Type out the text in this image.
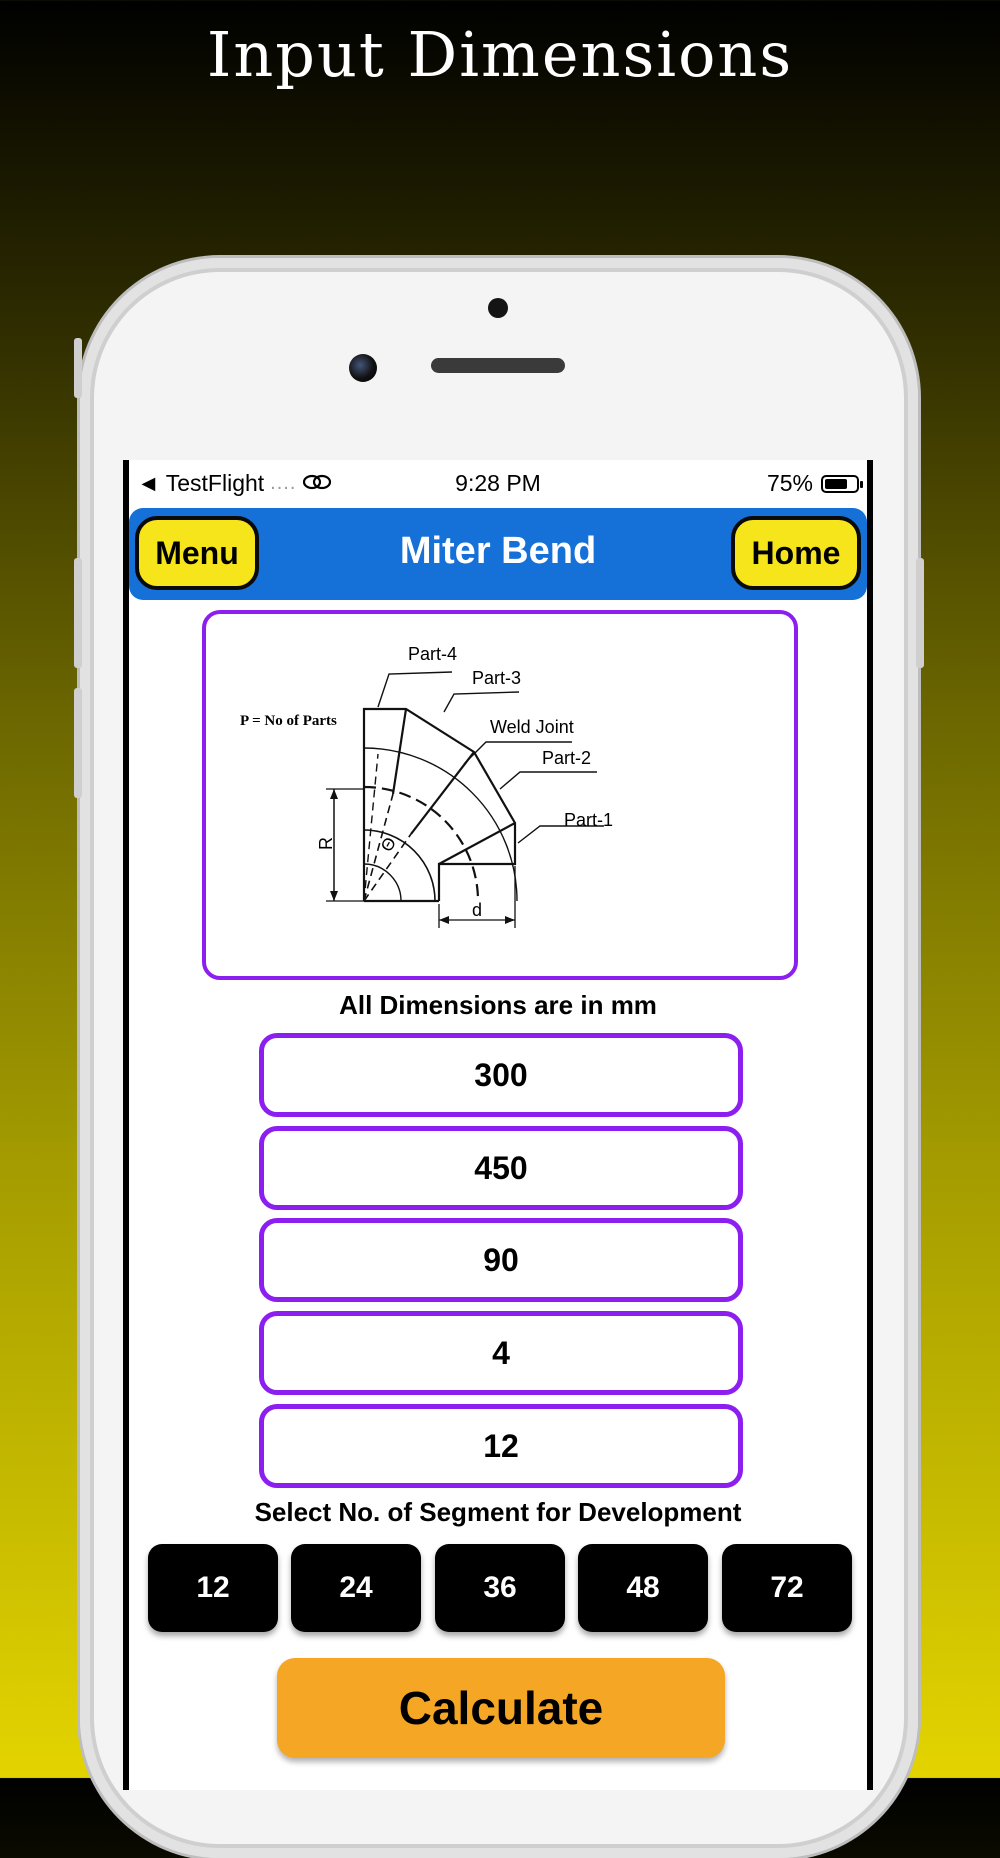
Input Dimensions
◄ TestFlight ....	9:28 PM	75%
Menu	Miter Bend	Home
P = No of Parts
Part-4
Part-3
Weld Joint
Part-2
Part-1
R Θ
d
All Dimensions are in mm
300
450
90
4
12
Select No. of Segment for Development
12	24	36	48	72
Calculate
